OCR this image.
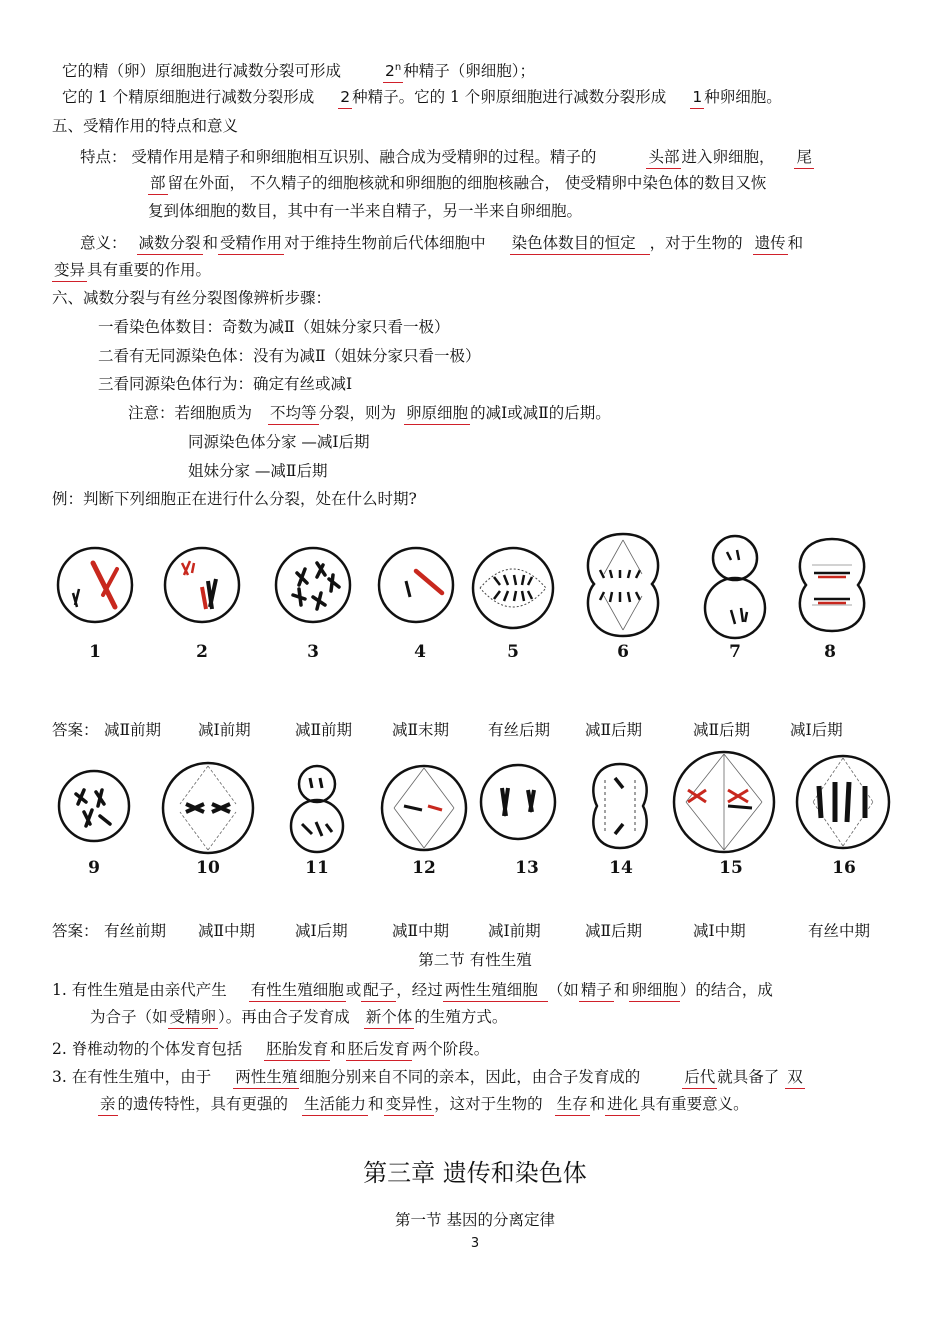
它的精（卵）原细胞进行减数分裂可形成	2$^n$ 种精子（卵细胞）；
它的 1 个精原细胞进行减数分裂形成 2 种精子。它的 1 个卵原细胞进行减数分裂形成 1 种卵细胞。
五、受精作用的特点和意义
特点： 受精作用是精子和卵细胞相互识别、融合成为受精卵的过程。精子的	头部 进入卵细胞， 尾
部 留在外面， 不久精子的细胞核就和卵细胞的细胞核融合， 使受精卵中染色体的数目又恢
复到体细胞的数目，其中有一半来自精子，另一半来自卵细胞。
意义： 减数分裂 和 受精作用 对于维持生物前后代体细胞中 染色体数目的恒定 ，对于生物的 遗传 和
变异 具有重要的作用。
六、减数分裂与有丝分裂图像辨析步骤：
一看染色体数目：奇数为减Ⅱ（姐妹分家只看一极）
二看有无同源染色体：没有为减Ⅱ（姐妹分家只看一极）
三看同源染色体行为：确定有丝或减Ⅰ
注意：若细胞质为 不均等 分裂，则为 卵原细胞 的减Ⅰ或减Ⅱ的后期。
同源染色体分家 —减Ⅰ后期
姐妹分家 —减Ⅱ后期
例：判断下列细胞正在进行什么分裂，处在什么时期?
1	2	3	4	5	6	7	8
答案： 减Ⅱ前期 减Ⅰ前期	减Ⅱ前期	减Ⅱ末期	有丝后期 减Ⅱ后期	减Ⅱ后期	减Ⅰ后期
9	10	11	12	13	14	15	16
答案： 有丝前期 减Ⅱ中期	减Ⅰ后期	减Ⅱ中期	减Ⅰ前期	减Ⅱ后期	减Ⅰ中期	有丝中期
第二节 有性生殖
1. 有性生殖是由亲代产生 有性生殖细胞 或 配子 ，经过 两性生殖细胞 （如 精子 和 卵细胞 ）的结合，成
为合子（如 受精卵 ）。再由合子发育成 新个体 的生殖方式。
2. 脊椎动物的个体发育包括 胚胎发育 和 胚后发育 两个阶段。
3. 在有性生殖中，由于 两性生殖 细胞分别来自不同的亲本，因此，由合子发育成的	后代 就具备了 双
亲 的遗传特性，具有更强的 生活能力 和 变异性 ，这对于生物的 生存 和 进化 具有重要意义。
第三章 遗传和染色体
第一节 基因的分离定律
3
